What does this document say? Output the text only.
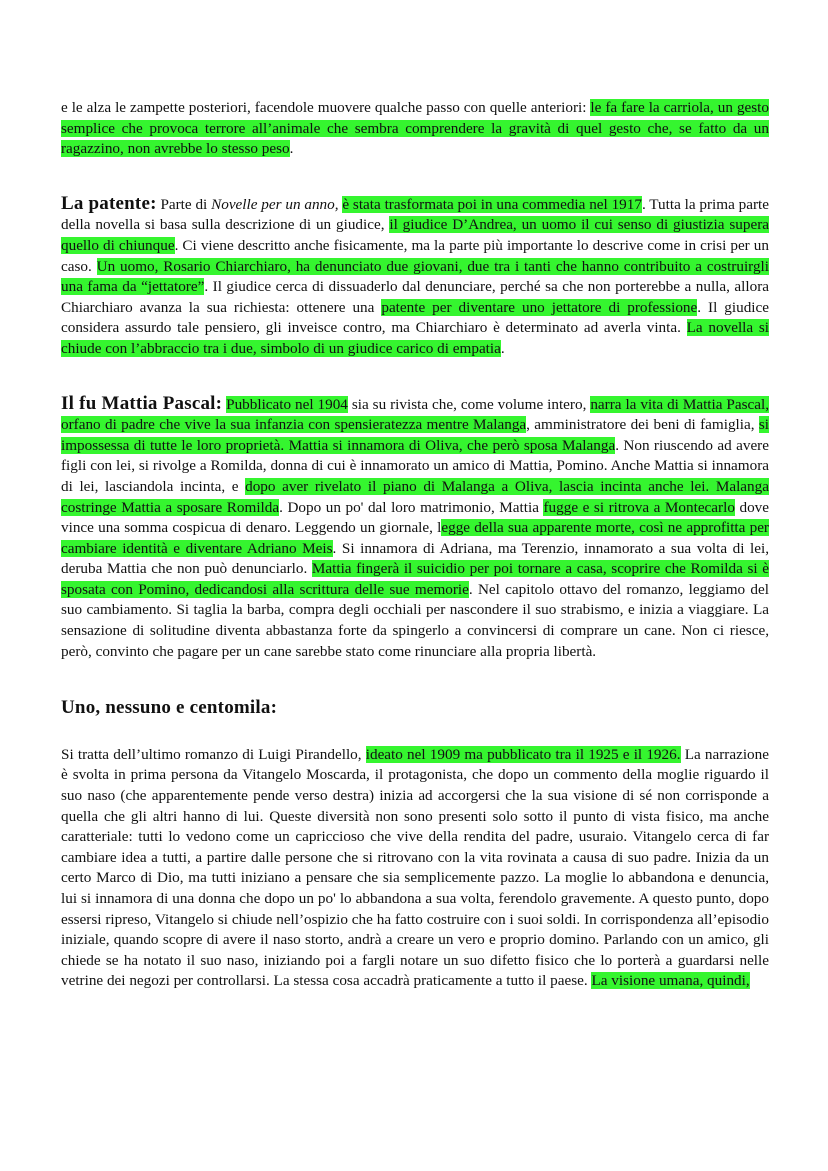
e le alza le zampette posteriori, facendole muovere qualche passo con quelle anteriori: le fa fare la carriola, un gesto semplice che provoca terrore all’animale che sembra comprendere la gravità di quel gesto che, se fatto da un ragazzino, non avrebbe lo stesso peso.

La patente: Parte di Novelle per un anno, è stata trasformata poi in una commedia nel 1917. Tutta la prima parte della novella si basa sulla descrizione di un giudice, il giudice D’Andrea, un uomo il cui senso di giustizia supera quello di chiunque. Ci viene descritto anche fisicamente, ma la parte più importante lo descrive come in crisi per un caso. Un uomo, Rosario Chiarchiaro, ha denunciato due giovani, due tra i tanti che hanno contribuito a costruirgli una fama da “jettatore”. Il giudice cerca di dissuaderlo dal denunciare, perché sa che non porterebbe a nulla, allora Chiarchiaro avanza la sua richiesta: ottenere una patente per diventare uno jettatore di professione. Il giudice considera assurdo tale pensiero, gli inveisce contro, ma Chiarchiaro è determinato ad averla vinta. La novella si chiude con l’abbraccio tra i due, simbolo di un giudice carico di empatia.

Il fu Mattia Pascal: Pubblicato nel 1904 sia su rivista che, come volume intero, narra la vita di Mattia Pascal, orfano di padre che vive la sua infanzia con spensieratezza mentre Malanga, amministratore dei beni di famiglia, si impossessa di tutte le loro proprietà. Mattia si innamora di Oliva, che però sposa Malanga. Non riuscendo ad avere figli con lei, si rivolge a Romilda, donna di cui è innamorato un amico di Mattia, Pomino. Anche Mattia si innamora di lei, lasciandola incinta, e dopo aver rivelato il piano di Malanga a Oliva, lascia incinta anche lei. Malanga costringe Mattia a sposare Romilda. Dopo un po' dal loro matrimonio, Mattia fugge e si ritrova a Montecarlo dove vince una somma cospicua di denaro. Leggendo un giornale, legge della sua apparente morte, così ne approfitta per cambiare identità e diventare Adriano Meis. Si innamora di Adriana, ma Terenzio, innamorato a sua volta di lei, deruba Mattia che non può denunciarlo. Mattia fingerà il suicidio per poi tornare a casa, scoprire che Romilda si è sposata con Pomino, dedicandosi alla scrittura delle sue memorie. Nel capitolo ottavo del romanzo, leggiamo del suo cambiamento. Si taglia la barba, compra degli occhiali per nascondere il suo strabismo, e inizia a viaggiare. La sensazione di solitudine diventa abbastanza forte da spingerlo a convincersi di comprare un cane. Non ci riesce, però, convinto che pagare per un cane sarebbe stato come rinunciare alla propria libertà.

Uno, nessuno e centomila:

Si tratta dell’ultimo romanzo di Luigi Pirandello, ideato nel 1909 ma pubblicato tra il 1925 e il 1926. La narrazione è svolta in prima persona da Vitangelo Moscarda, il protagonista, che dopo un commento della moglie riguardo il suo naso (che apparentemente pende verso destra) inizia ad accorgersi che la sua visione di sé non corrisponde a quella che gli altri hanno di lui. Queste diversità non sono presenti solo sotto il punto di vista fisico, ma anche caratteriale: tutti lo vedono come un capriccioso che vive della rendita del padre, usuraio. Vitangelo cerca di far cambiare idea a tutti, a partire dalle persone che si ritrovano con la vita rovinata a causa di suo padre. Inizia da un certo Marco di Dio, ma tutti iniziano a pensare che sia semplicemente pazzo. La moglie lo abbandona e denuncia, lui si innamora di una donna che dopo un po' lo abbandona a sua volta, ferendolo gravemente. A questo punto, dopo essersi ripreso, Vitangelo si chiude nell’ospizio che ha fatto costruire con i suoi soldi. In corrispondenza all’episodio iniziale, quando scopre di avere il naso storto, andrà a creare un vero e proprio domino. Parlando con un amico, gli chiede se ha notato il suo naso, iniziando poi a fargli notare un suo difetto fisico che lo porterà a guardarsi nelle vetrine dei negozi per controllarsi. La stessa cosa accadrà praticamente a tutto il paese. La visione umana, quindi,
